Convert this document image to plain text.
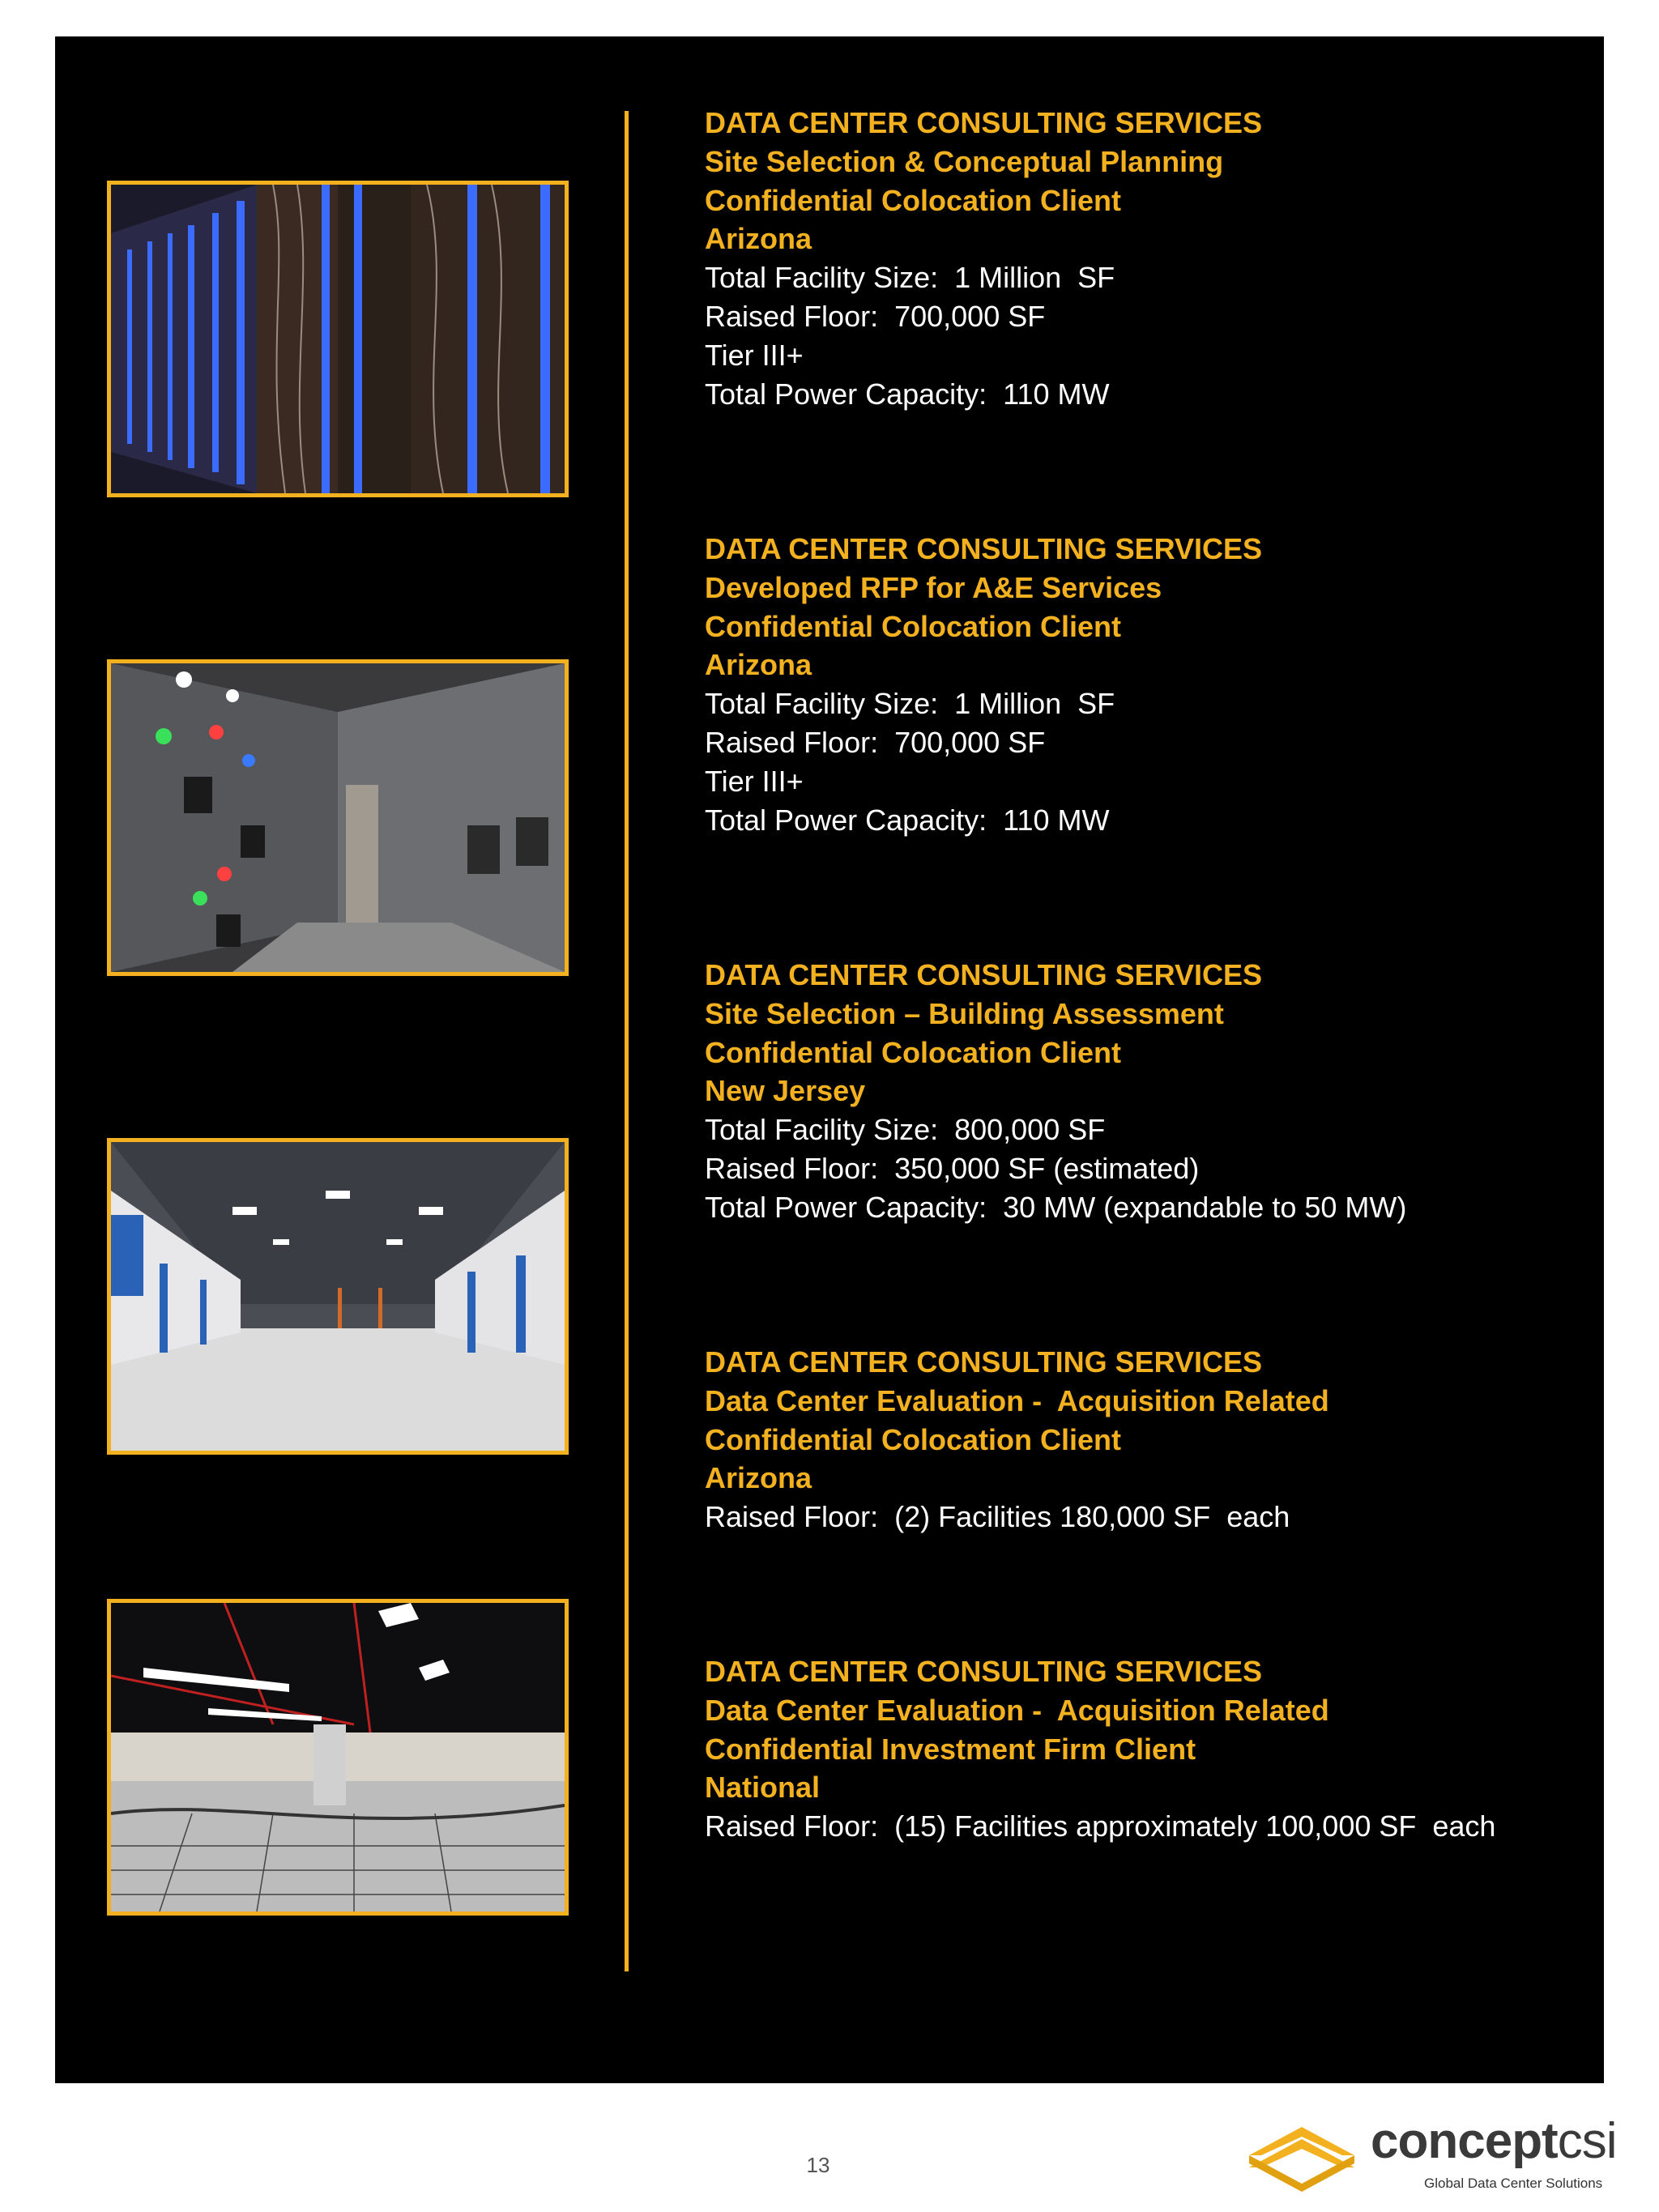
DATA CENTER CONSULTING SERVICES
Site Selection & Conceptual Planning
Confidential Colocation Client
Arizona
Total Facility Size:  1 Million  SF
Raised Floor:  700,000 SF
Tier III+
Total Power Capacity:  110 MW
DATA CENTER CONSULTING SERVICES
Developed RFP for A&E Services
Confidential Colocation Client
Arizona
Total Facility Size:  1 Million  SF
Raised Floor:  700,000 SF
Tier III+
Total Power Capacity:  110 MW
DATA CENTER CONSULTING SERVICES
Site Selection – Building Assessment
Confidential Colocation Client
New Jersey
Total Facility Size:  800,000 SF
Raised Floor:  350,000 SF (estimated)
Total Power Capacity:  30 MW (expandable to 50 MW)
DATA CENTER CONSULTING SERVICES
Data Center Evaluation -  Acquisition Related
Confidential Colocation Client
Arizona
Raised Floor:  (2) Facilities 180,000 SF  each
DATA CENTER CONSULTING SERVICES
Data Center Evaluation -  Acquisition Related
Confidential Investment Firm Client
National
Raised Floor:  (15) Facilities approximately 100,000 SF  each
13	conceptcsi
Global Data Center Solutions
